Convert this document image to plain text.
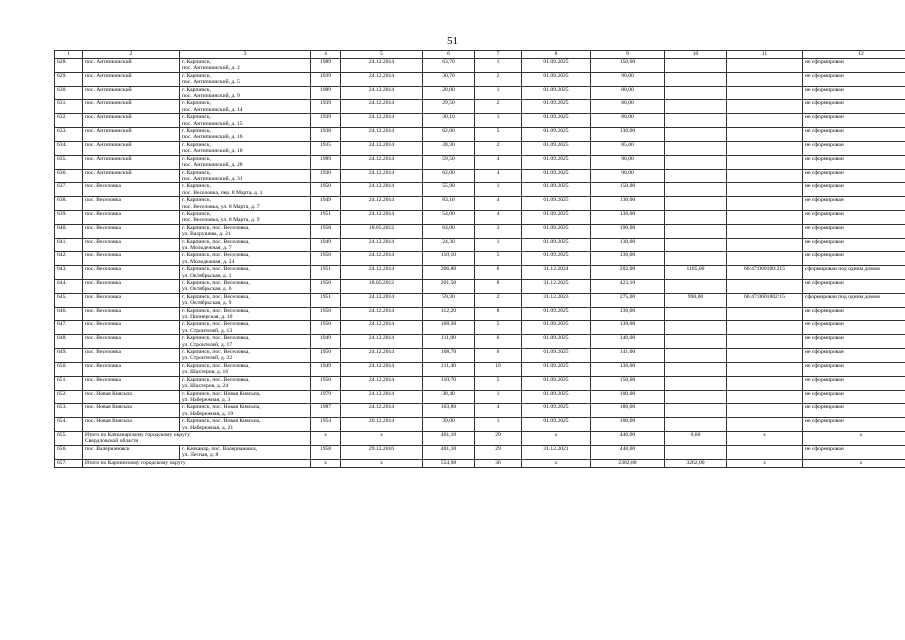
51
1	2	3	4	5	6	7	8	9	10	11	12
628.	пос. Антипкинский	г. Карпинск,
пос. Антипкинский, д. 2	1989	24.12.2014	63,70	1	01.09.2025	150,00			не сформирован
629.	пос. Антипкинский	г. Карпинск,
пос. Антипкинский, д. 5	1939	24.12.2014	30,70	2	01.09.2025	90,00			не сформирован
630.	пос. Антипкинский	г. Карпинск,
пос. Антипкинский, д. 9	1989	24.12.2014	28,00	1	01.09.2025	80,00			не сформирован
631.	пос. Антипкинский	г. Карпинск,
пос. Антипкинский, д. 14	1939	24.12.2014	29,50	2	01.09.2025	80,00			не сформирован
632.	пос. Антипкинский	г. Карпинск,
пос. Антипкинский, д. 15	1939	24.12.2014	30,10	1	01.09.2025	80,00			не сформирован
633.	пос. Антипкинский	г. Карпинск,
пос. Антипкинский, д. 16	1938	24.12.2014	62,00	5	01.09.2025	130,00			не сформирован
634.	пос. Антипкинский	г. Карпинск,
пос. Антипкинский, д. 18	1935	24.12.2014	28,30	2	01.09.2025	85,00			не сформирован
635.	пос. Антипкинский	г. Карпинск,
пос. Антипкинский, д. 28	1989	24.12.2014	59,50	4	01.09.2025	90,00			не сформирован
636.	пос. Антипкинский	г. Карпинск,
пос. Антипкинский, д. 31	1930	24.12.2014	62,00	4	01.09.2025	90,00			не сформирован
637.	пос. Веселовка	г. Карпинск,
пос. Веселовка, пер. 8 Марта, д. 1	1950	24.12.2014	55,90	1	01.09.2025	150,00			не сформирован
638.	пос. Веселовка	г. Карпинск,
пос. Веселовка, ул. 8 Марта, д. 7	1949	24.12.2014	83,10	4	01.09.2025	130,00			не сформирован
639.	пос. Веселовка	г. Карпинск,
пос. Веселовка, ул. 8 Марта, д. 9	1951	24.12.2014	54,00	4	01.09.2025	130,00			не сформирован
640.	пос. Веселовка	г. Карпинск, пос. Веселовка,
ул. Вахрушева, д. 21	1958	18.05.2012	64,00	3	01.09.2025	190,00			не сформирован
641.	пос. Веселовка	г. Карпинск, пос. Веселовка,
ул. Молодежная, д. 7	1949	24.12.2014	24,30	1	01.09.2025	130,00			не сформирован
642.	пос. Веселовка	г. Карпинск, пос. Веселовка,
ул. Молодежная, д. 24	1950	24.12.2014	110,10	5	01.09.2025	130,00			не сформирован
643.	пос. Веселовка	г. Карпинск, пос. Веселовка,
ул. Октябрьская, д. 1	1951	24.12.2014	206,80	6	31.12.2024	202,00	1185,00	66:47:060100:215	сформирован под одним домом
644.	пос. Веселовка	г. Карпинск, пос. Веселовка,
ул. Октябрьская, д. 6	1950	18.05.2012	201,50	8	31.12.2025	423,10			не сформирован
645.	пос. Веселовка	г. Карпинск, пос. Веселовка,
ул. Октябрьская, д. 9	1951	24.12.2014	59,30	2	31.12.2023	275,00	990,00	66:47:0601002:15	сформирован под одним домом
646.	пос. Веселовка	г. Карпинск, пос. Веселовка,
ул. Пионерская, д. 10	1950	24.12.2014	112,20	8	01.09.2025	130,00			не сформирован
647.	пос. Веселовка	г. Карпинск, пос. Веселовка,
ул. Строителей, д. 13	1950	24.12.2014	108,30	5	01.09.2025	130,00			не сформирован
648.	пос. Веселовка	г. Карпинск, пос. Веселовка,
ул. Строителей, д. 17	1949	24.12.2014	111,00	6	01.09.2025	140,00			не сформирован
649.	пос. Веселовка	г. Карпинск, пос. Веселовка,
ул. Строителей, д. 32	1950	24.12.2014	108,70	6	01.09.2025	141,00			не сформирован
650.	пос. Веселовка	г. Карпинск, пос. Веселовка,
ул. Шахтеров, д. 16	1949	24.12.2014	111,40	10	01.09.2025	130,00			не сформирован
651.	пос. Веселовка	г. Карпинск, пос. Веселовка,
ул. Шахтеров, д. 24	1950	24.12.2014	110,70	5	01.09.2025	150,00			не сформирован
652.	пос. Новая Княсьпа	г. Карпинск, пос. Новая Княсьпа,
ул. Набережная, д. 3	1979	24.12.2014	38,40	1	01.09.2025	100,00			не сформирован
653.	пос. Новая Княсьпа	г. Карпинск, пос. Новая Княсьпа,
ул. Набережная, д. 19	1987	24.12.2014	103,80	4	01.09.2025	180,00			не сформирован
654.	пос. Новая Княсьпа	г. Карпинск, пос. Новая Княсьпа,
ул. Набережная, д. 21	1954	20.12.2014	39,00	1	01.09.2025	100,00			не сформирован
655.	Итого по Качканарскому городскому округу
Свердловской области		x	x	401,10	29	x	440,00	0,00	x	x
656.	пос. Валериановск	г. Качканар, пос. Валериановск,
ул. Лесная, д. 8	1958	29.12.2016	401,10	29	31.12.2021	440,00			не сформирован
657.	Итого по Карпинскому городскому округу		x	x	554,98	36	x	2382,80	3262,00	x	x
